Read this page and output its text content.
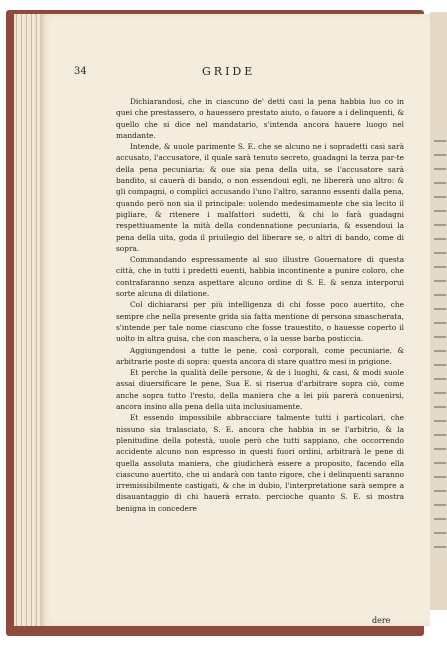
34	GRIDE

Dichiarandosi, che in ciascuno de' detti casi la pena habbia luo co in quei che prestassero, o hauessero prestato aiuto, o fauore a i delinquenti, & quello che si dice nel mandatario, s'intenda ancora hauere luogo nel mandante.

Intende, & uuole parimente S. E. che se alcuno ne i sopradetti casi sarà accusato, l'accusatore, il quale sarà tenuto secreto, guadagni la terza par-te della pena pecuniaria: & oue sia pena della uita, se l'accusatore sarà bandito, si cauerà di bando, o non essendoui egli, ne libererà uno altro: & gli compagni, o complici accusando l'uno l'altro, saranno essenti dalla pena, quando però non sia il principale: uolendo medesimamente che sia lecito il pigliare, & ritenere i malfattori sudetti, & chi lo farà guadagni respettiuamente la mità della condennatione pecuniaria, & essendoui la pena della uita, goda il priuilegio del liberare se, o altri di bando, come di sopra.

Commandando espressamente al suo illustre Gouernatore di questa città, che in tutti i predetti euenti, habbia incontinente a punire coloro, che contrafaranno senza aspettare alcuno ordine di S. E. & senza interporui sorte alcuna di dilatione.

Col dichiararsi per più intelligenza di chi fosse poco auertito, che sempre che nella presente grida sia fatta mentione di persona smascherata, s'intende per tale nome ciascuno che fosse trauestito, o hauesse coperto il uolto in altra guisa, che con maschera, o la uesse barba posticcia.

Aggiungendosi a tutte le pene, così corporali, come pecuniarie, & arbitrarie poste di sopra: questa ancora di stare quattro mesi in prigione.

Et perche la qualità delle persone, & de i luoghi, & casi, & modi suole assai diuersificare le pene, Sua E. si riserua d'arbitrare sopra ciò, come anche sopra tutto l'resto, della maniera che a lei più parerà conuenirsi, ancora insino alla pena della uita inclusiuamente.

Et essendo impossibile abbracciare talmente tutti i particolari, che nissuno sia tralasciato, S. E. ancora che habbia in se l'arbitrio, & la plenitudine della potestà, uuole però che tutti sappiano, che occorrendo accidente alcuno non espresso in questi fuori ordini, arbitrarà le pene di quella assoluta maniera, che giudicherà essere a proposito, facendo ella ciascuno auertito, che ui andarà con tanto rigore, che i delinquenti saranno irremissibilmente castigati, & che in dubio, l'interpretatione sarà sempre a disauantaggio di chi hauerà errato. percioche quanto S. E. si mostra benigna in concedere

dere
